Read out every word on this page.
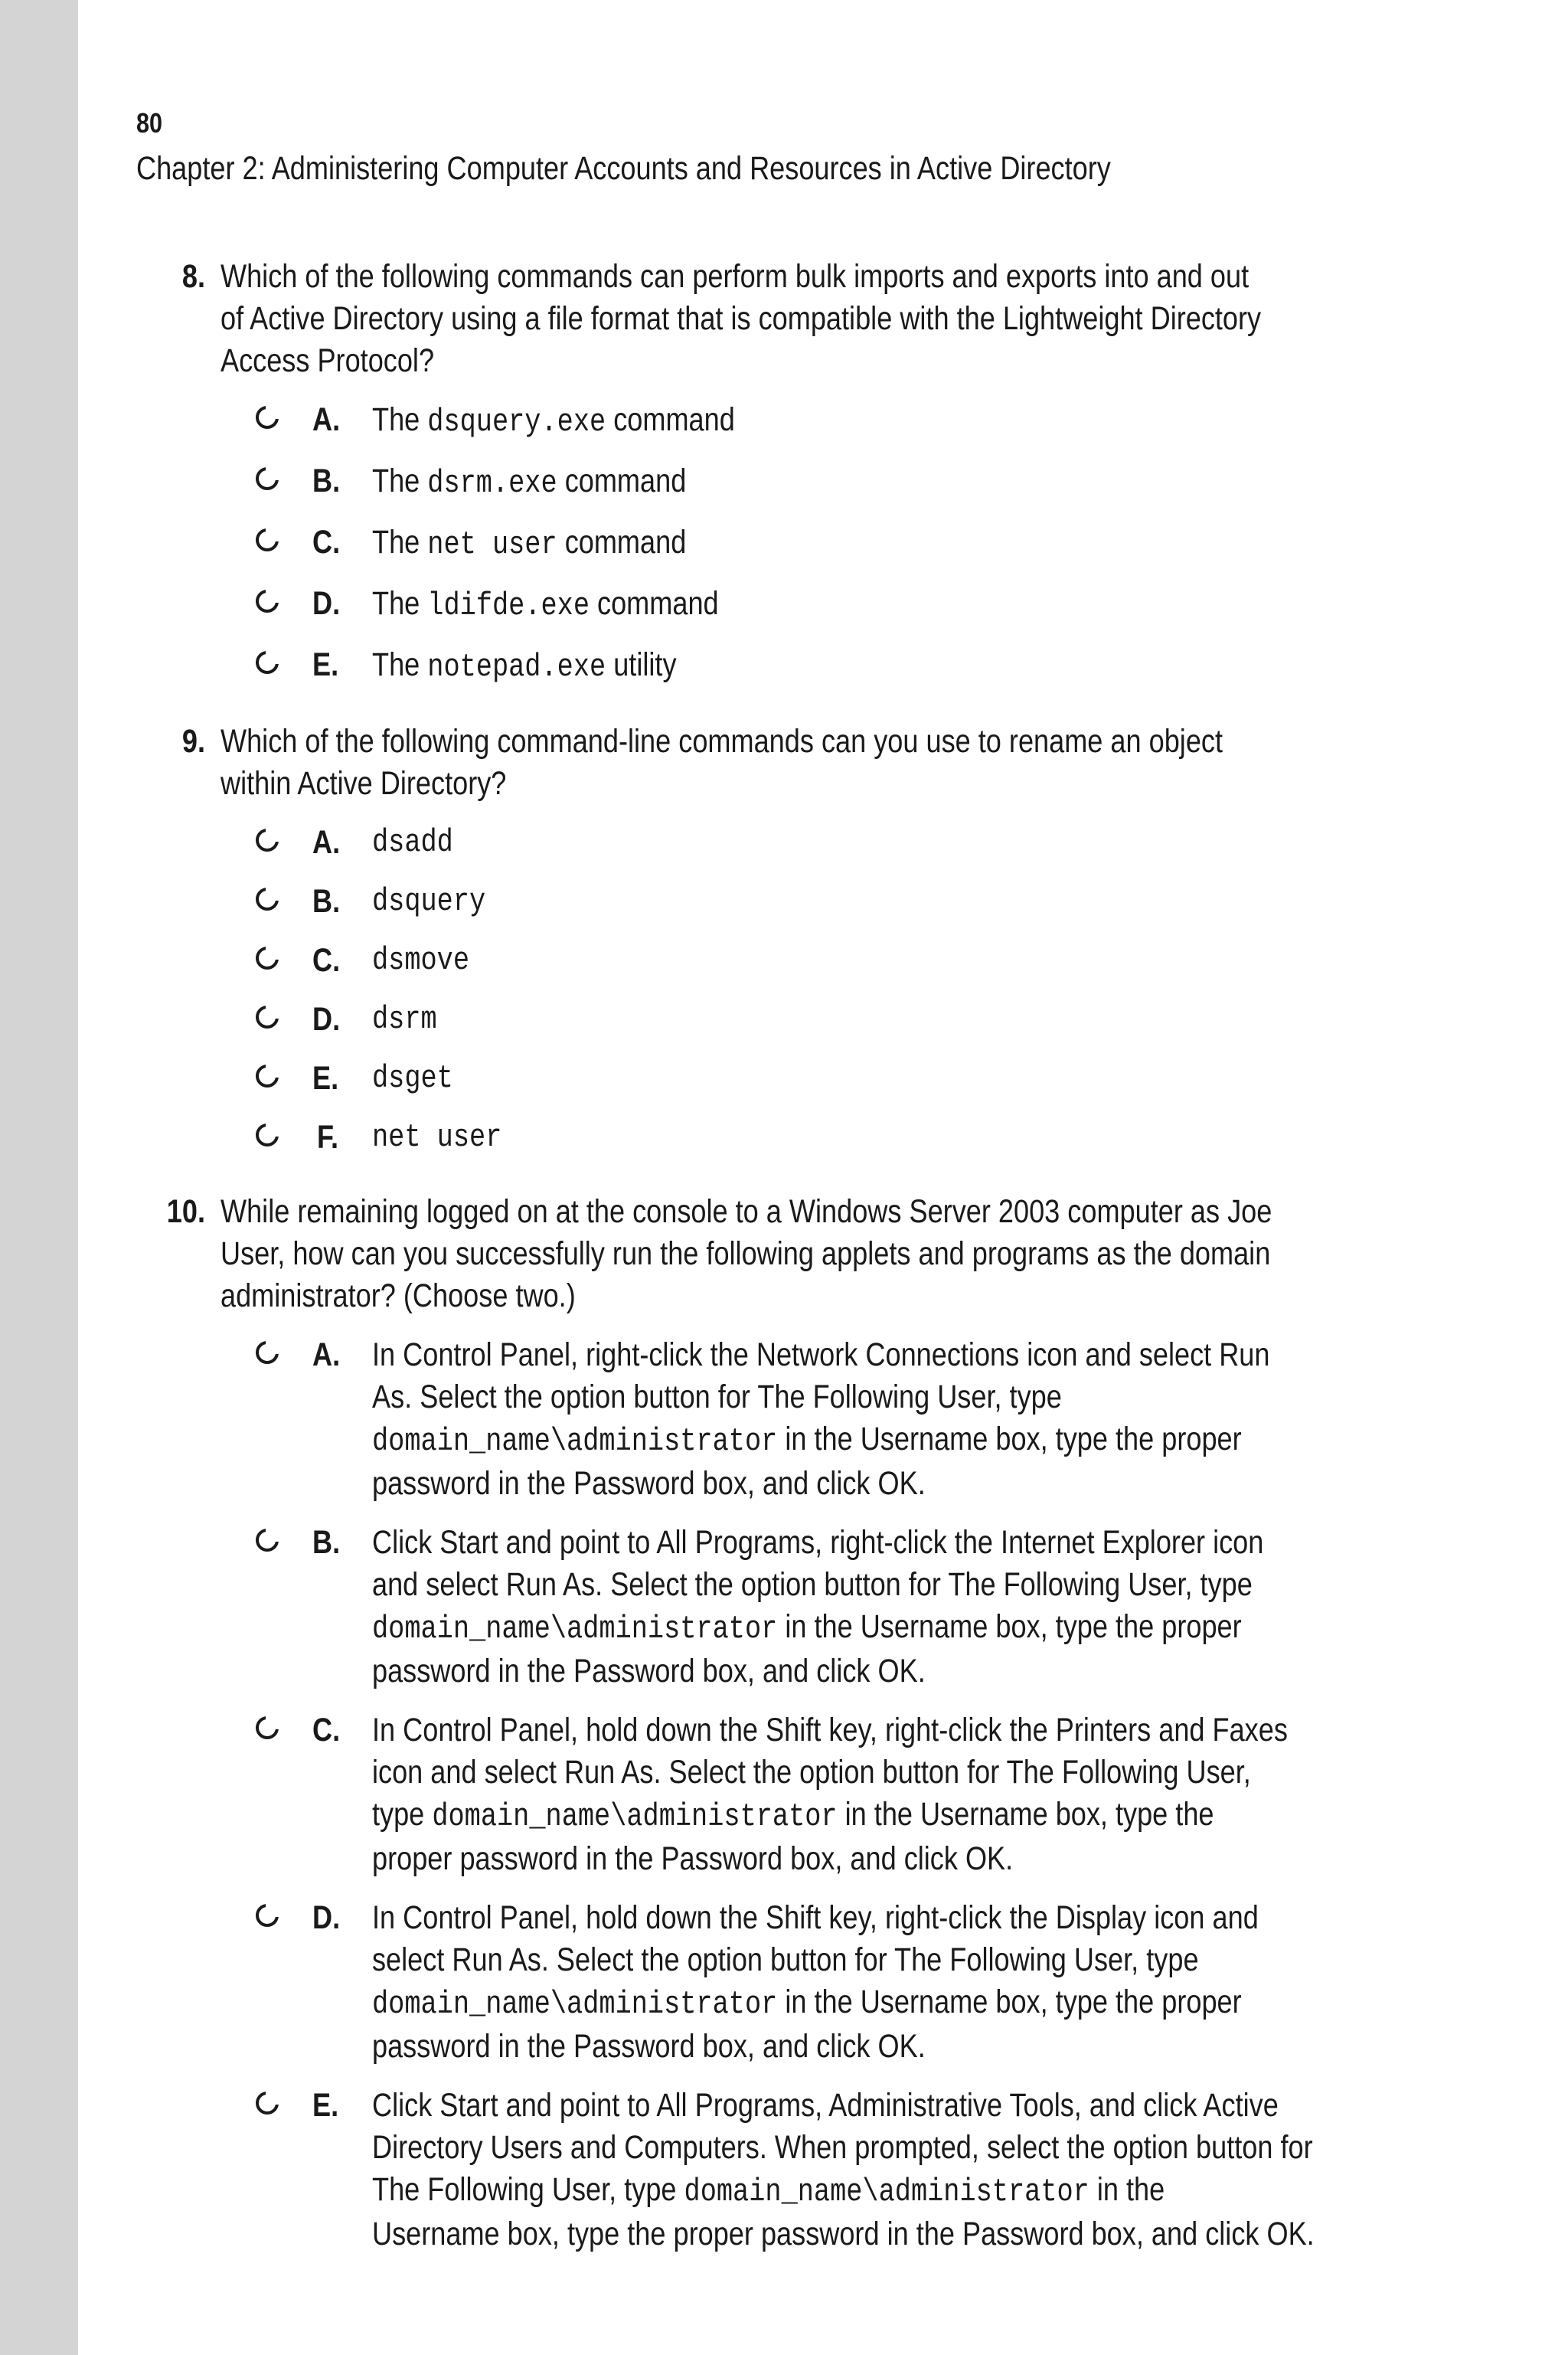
80
Chapter 2: Administering Computer Accounts and Resources in Active Directory
8. Which of the following commands can perform bulk imports and exports into and out
of Active Directory using a file format that is compatible with the Lightweight Directory
Access Protocol?
A. The dsquery.exe command
B. The dsrm.exe command
C. The net user command
D. The ldifde.exe command
E.	The notepad.exe utility
9. Which of the following command-line commands can you use to rename an object
within Active Directory?
A. dsadd
B. dsquery
C. dsmove
D. dsrm
E.	dsget
F.	net user
10. While remaining logged on at the console to a Windows Server 2003 computer as Joe
User, how can you successfully run the following applets and programs as the domain
administrator? (Choose two.)
A. In Control Panel, right-click the Network Connections icon and select Run
As. Select the option button for The Following User, type
domain_name\administrator in the Username box, type the proper
password in the Password box, and click OK.
B. Click Start and point to All Programs, right-click the Internet Explorer icon
and select Run As. Select the option button for The Following User, type
domain_name\administrator in the Username box, type the proper
password in the Password box, and click OK.
C. In Control Panel, hold down the Shift key, right-click the Printers and Faxes
icon and select Run As. Select the option button for The Following User,
type domain_name\administrator in the Username box, type the
proper password in the Password box, and click OK.
D. In Control Panel, hold down the Shift key, right-click the Display icon and
select Run As. Select the option button for The Following User, type
domain_name\administrator in the Username box, type the proper
password in the Password box, and click OK.
E.	Click Start and point to All Programs, Administrative Tools, and click Active
Directory Users and Computers. When prompted, select the option button for
The Following User, type domain_name\administrator in the
Username box, type the proper password in the Password box, and click OK.
